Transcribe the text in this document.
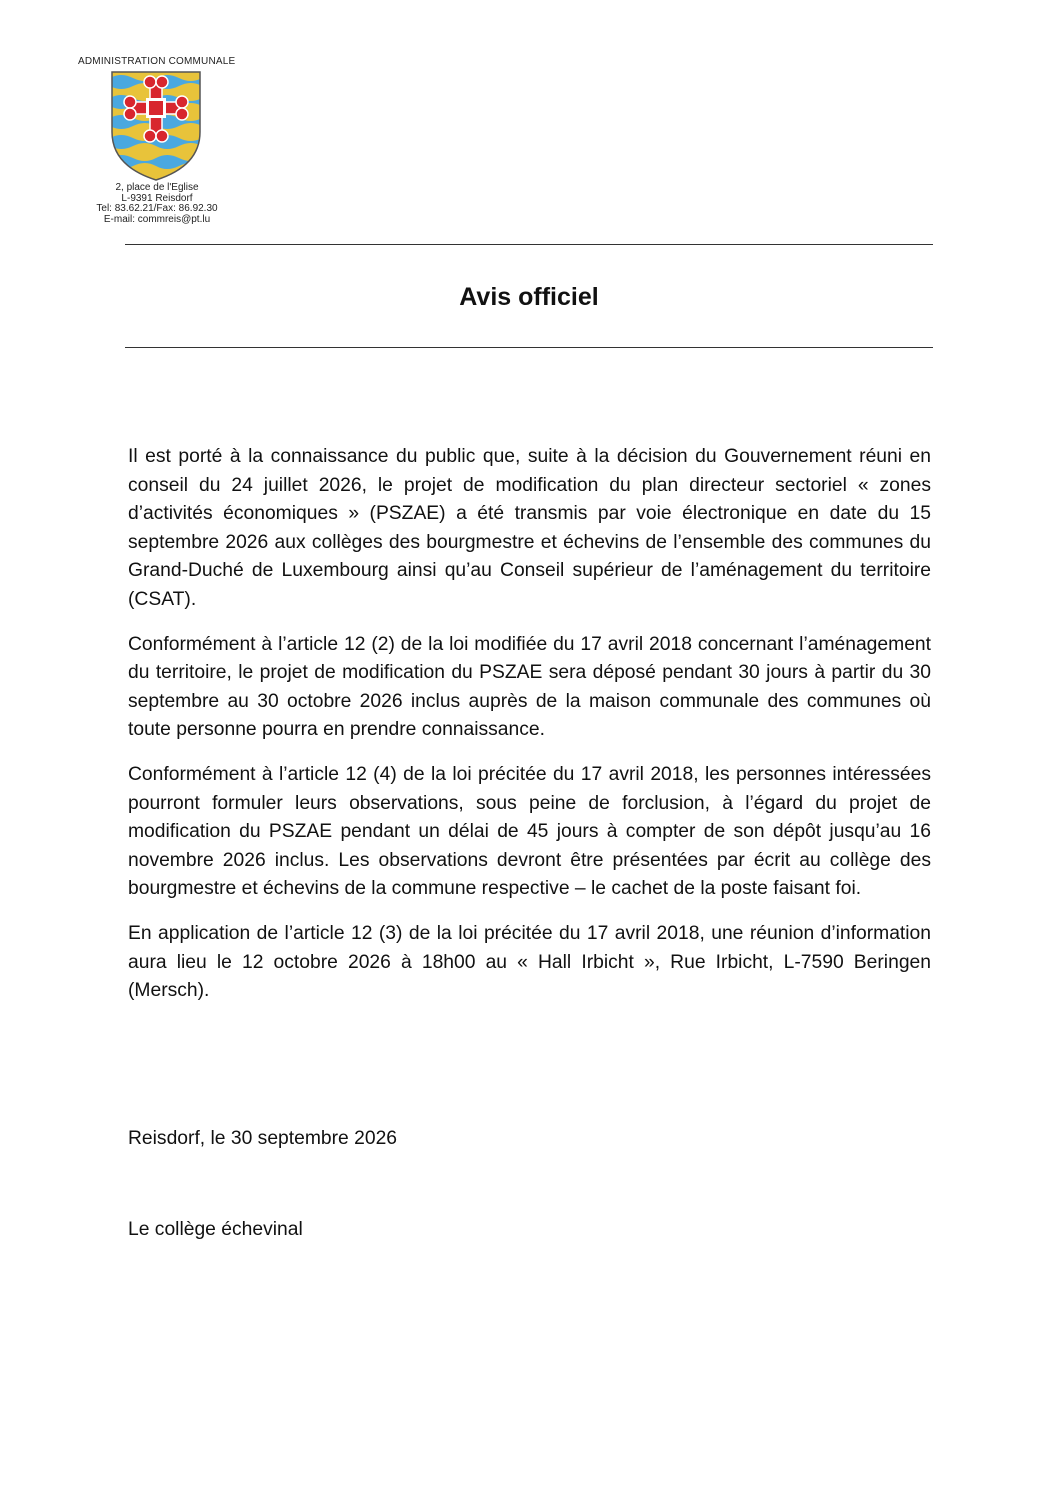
ADMINISTRATION COMMUNALE
2, place de l'Eglise
L-9391 Reisdorf
Tel: 83.62.21/Fax: 86.92.30
E-mail: commreis@pt.lu
Avis officiel

Il est porté à la connaissance du public que, suite à la décision du Gouvernement réuni en conseil du 24 juillet 2026, le projet de modification du plan directeur sectoriel « zones d’activités économiques » (PSZAE) a été transmis par voie électronique en date du 15 septembre 2026 aux collèges des bourgmestre et échevins de l’ensemble des communes du Grand-Duché de Luxembourg ainsi qu’au Conseil supérieur de l’aménagement du territoire (CSAT).

Conformément à l’article 12 (2) de la loi modifiée du 17 avril 2018 concernant l’aménagement du territoire, le projet de modification du PSZAE sera déposé pendant 30 jours à partir du 30 septembre au 30 octobre 2026 inclus auprès de la maison communale des communes où toute personne pourra en prendre connaissance.

Conformément à l’article 12 (4) de la loi précitée du 17 avril 2018, les personnes intéressées pourront formuler leurs observations, sous peine de forclusion, à l’égard du projet de modification du PSZAE pendant un délai de 45 jours à compter de son dépôt jusqu’au 16 novembre 2026 inclus. Les observations devront être présentées par écrit au collège des bourgmestre et échevins de la commune respective – le cachet de la poste faisant foi.

En application de l’article 12 (3) de la loi précitée du 17 avril 2018, une réunion d’information aura lieu le 12 octobre 2026 à 18h00 au « Hall Irbicht », Rue Irbicht, L-7590 Beringen (Mersch).

Reisdorf, le 30 septembre 2026
Le collège échevinal
